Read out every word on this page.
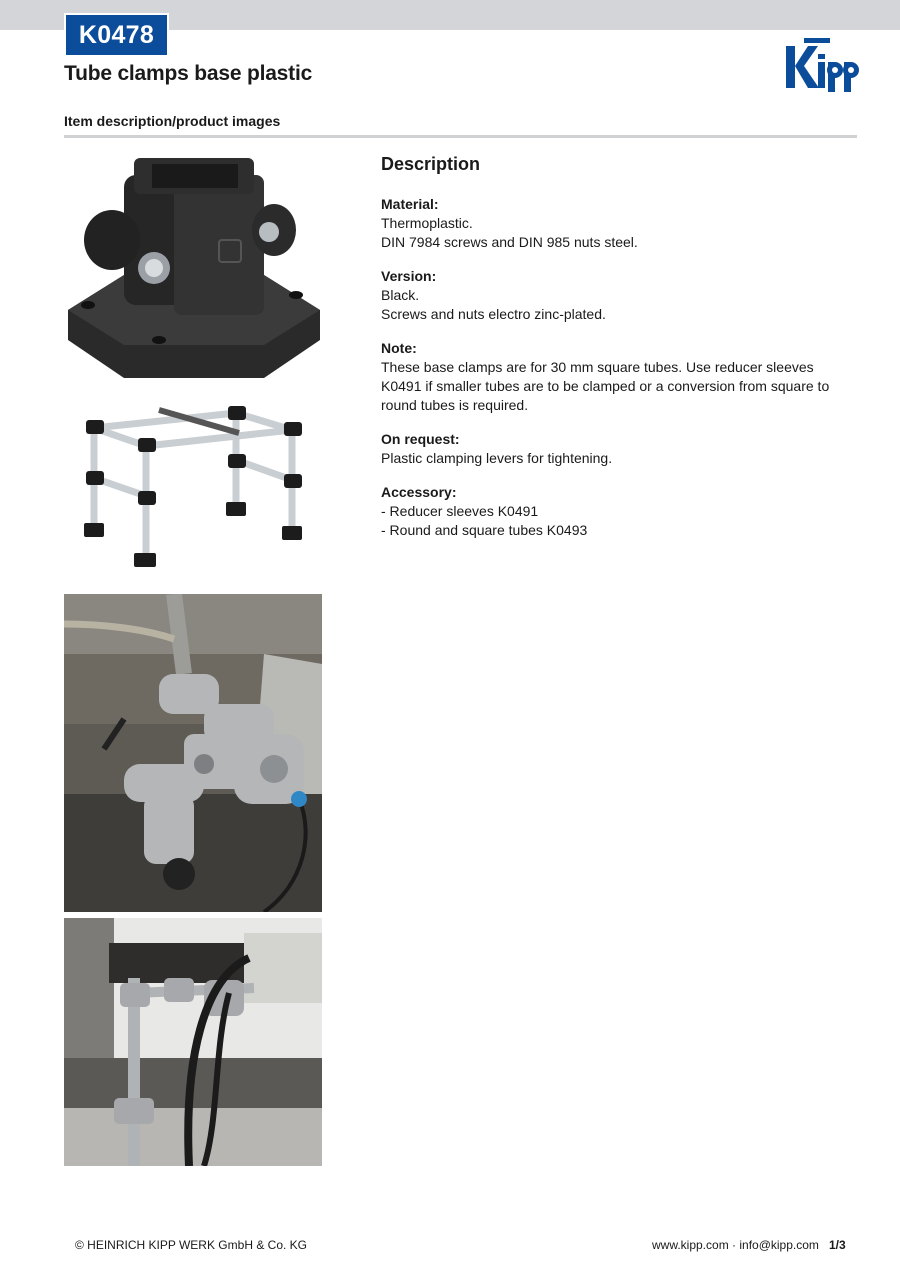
K0478
Tube clamps base plastic
Item description/product images
Description
Material:

Thermoplastic.

DIN 7984 screws and DIN 985 nuts steel.

Version:

Black.

Screws and nuts electro zinc-plated.

Note:

These base clamps are for 30 mm square tubes. Use reducer sleeves K0491 if smaller tubes are to be clamped or a conversion from square to round tubes is required.

On request:

Plastic clamping levers for tightening.

Accessory:

- Reducer sleeves K0491

- Round and square tubes K0493

© HEINRICH KIPP WERK GmbH & Co. KG	www.kipp.com · info@kipp.com 1/3
